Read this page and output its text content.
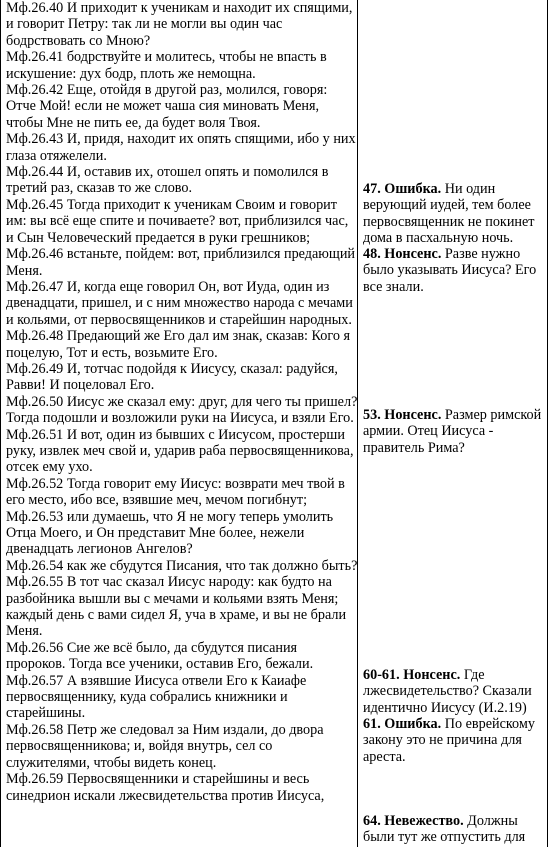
Мф.26.40 И приходит к ученикам и находит их спящими, и говорит Петру: так ли не могли вы один час бодрствовать со Мною?

Мф.26.41 бодрствуйте и молитесь, чтобы не впасть в искушение: дух бодр, плоть же немощна.

Мф.26.42 Еще, отойдя в другой раз, молился, говоря: Отче Мой! если не может чаша сия миновать Меня, чтобы Мне не пить ее, да будет воля Твоя.

Мф.26.43 И, придя, находит их опять спящими, ибо у них глаза отяжелели.

Мф.26.44 И, оставив их, отошел опять и помолился в третий раз, сказав то же слово.

Мф.26.45 Тогда приходит к ученикам Своим и говорит им: вы всё еще спите и почиваете? вот, приблизился час, и Сын Человеческий предается в руки грешников;

Мф.26.46 встаньте, пойдем: вот, приблизился предающий Меня.

Мф.26.47 И, когда еще говорил Он, вот Иуда, один из двенадцати, пришел, и с ним множество народа с мечами и кольями, от первосвященников и старейшин народных.

Мф.26.48 Предающий же Его дал им знак, сказав: Кого я поцелую, Тот и есть, возьмите Его.

Мф.26.49 И, тотчас подойдя к Иисусу, сказал: радуйся, Равви! И поцеловал Его.

Мф.26.50 Иисус же сказал ему: друг, для чего ты пришел? Тогда подошли и возложили руки на Иисуса, и взяли Его.

Мф.26.51 И вот, один из бывших с Иисусом, простерши руку, извлек меч свой и, ударив раба первосвященникова, отсек ему ухо.

Мф.26.52 Тогда говорит ему Иисус: возврати меч твой в его место, ибо все, взявшие меч, мечом погибнут;

Мф.26.53 или думаешь, что Я не могу теперь умолить Отца Моего, и Он представит Мне более, нежели двенадцать легионов Ангелов?

Мф.26.54 как же сбудутся Писания, что так должно быть?

Мф.26.55 В тот час сказал Иисус народу: как будто на разбойника вышли вы с мечами и кольями взять Меня; каждый день с вами сидел Я, уча в храме, и вы не брали Меня.

Мф.26.56 Сие же всё было, да сбудутся писания пророков. Тогда все ученики, оставив Его, бежали.

Мф.26.57 А взявшие Иисуса отвели Его к Каиафе первосвященнику, куда собрались книжники и старейшины.

Мф.26.58 Петр же следовал за Ним издали, до двора первосвященникова; и, войдя внутрь, сел со служителями, чтобы видеть конец.

Мф.26.59 Первосвященники и старейшины и весь синедрион искали лжесвидетельства против Иисуса,

47. Ошибка. Ни один верующий иудей, тем более первосвященник не покинет дома в пасхальную ночь.

48. Нонсенс. Разве нужно было указывать Иисуса? Его все знали.

53. Нонсенс. Размер римской армии. Отец Иисуса - правитель Рима?

60-61. Нонсенс. Где лжесвидетельство? Сказали идентично Иисусу (И.2.19)

61. Ошибка. По еврейскому закону это не причина для ареста.

64. Невежество. Должны были тут же отпустить для
